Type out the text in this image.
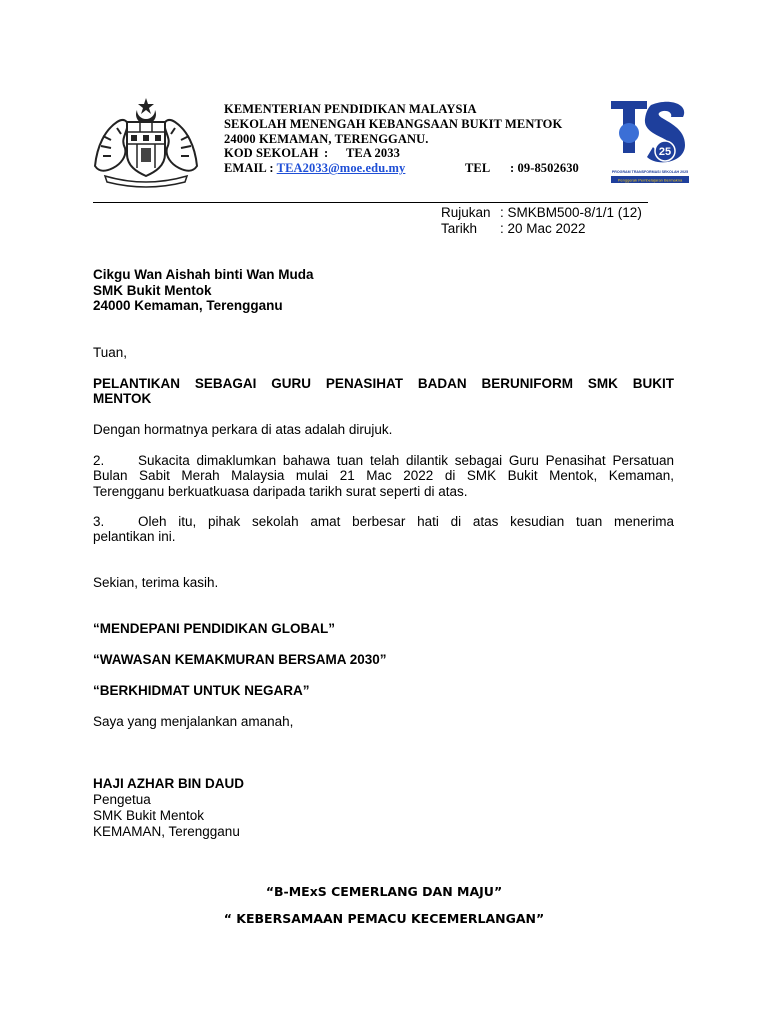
KEMENTERIAN PENDIDIKAN MALAYSIA
SEKOLAH MENENGAH KEBANGSAAN BUKIT MENTOK
24000 KEMAMAN, TERENGGANU.
KOD SEKOLAH : TEA 2033
EMAIL : TEA2033@moe.edu.my	TEL : 09-8502630
25
PROGRAM TRANSFORMASI SEKOLAH 2025
Penggerak Pembelajaran Bermakna
Rujukan : SMKBM500-8/1/1 (12)
Tarikh : 20 Mac 2022
Cikgu Wan Aishah binti Wan Muda
SMK Bukit Mentok
24000 Kemaman, Terengganu
Tuan,
PELANTIKAN SEBAGAI GURU PENASIHAT BADAN BERUNIFORM SMK BUKIT
MENTOK
Dengan hormatnya perkara di atas adalah dirujuk.
2. Sukacita dimaklumkan bahawa tuan telah dilantik sebagai Guru Penasihat Persatuan
Bulan Sabit Merah Malaysia mulai 21 Mac 2022 di SMK Bukit Mentok, Kemaman,
Terengganu berkuatkuasa daripada tarikh surat seperti di atas.
3. Oleh itu, pihak sekolah amat berbesar hati di atas kesudian tuan menerima
pelantikan ini.
Sekian, terima kasih.
“MENDEPANI PENDIDIKAN GLOBAL”
“WAWASAN KEMAKMURAN BERSAMA 2030”
“BERKHIDMAT UNTUK NEGARA”
Saya yang menjalankan amanah,
HAJI AZHAR BIN DAUD
Pengetua
SMK Bukit Mentok
KEMAMAN, Terengganu
“B-MExS CEMERLANG DAN MAJU”
“ KEBERSAMAAN PEMACU KECEMERLANGAN”
